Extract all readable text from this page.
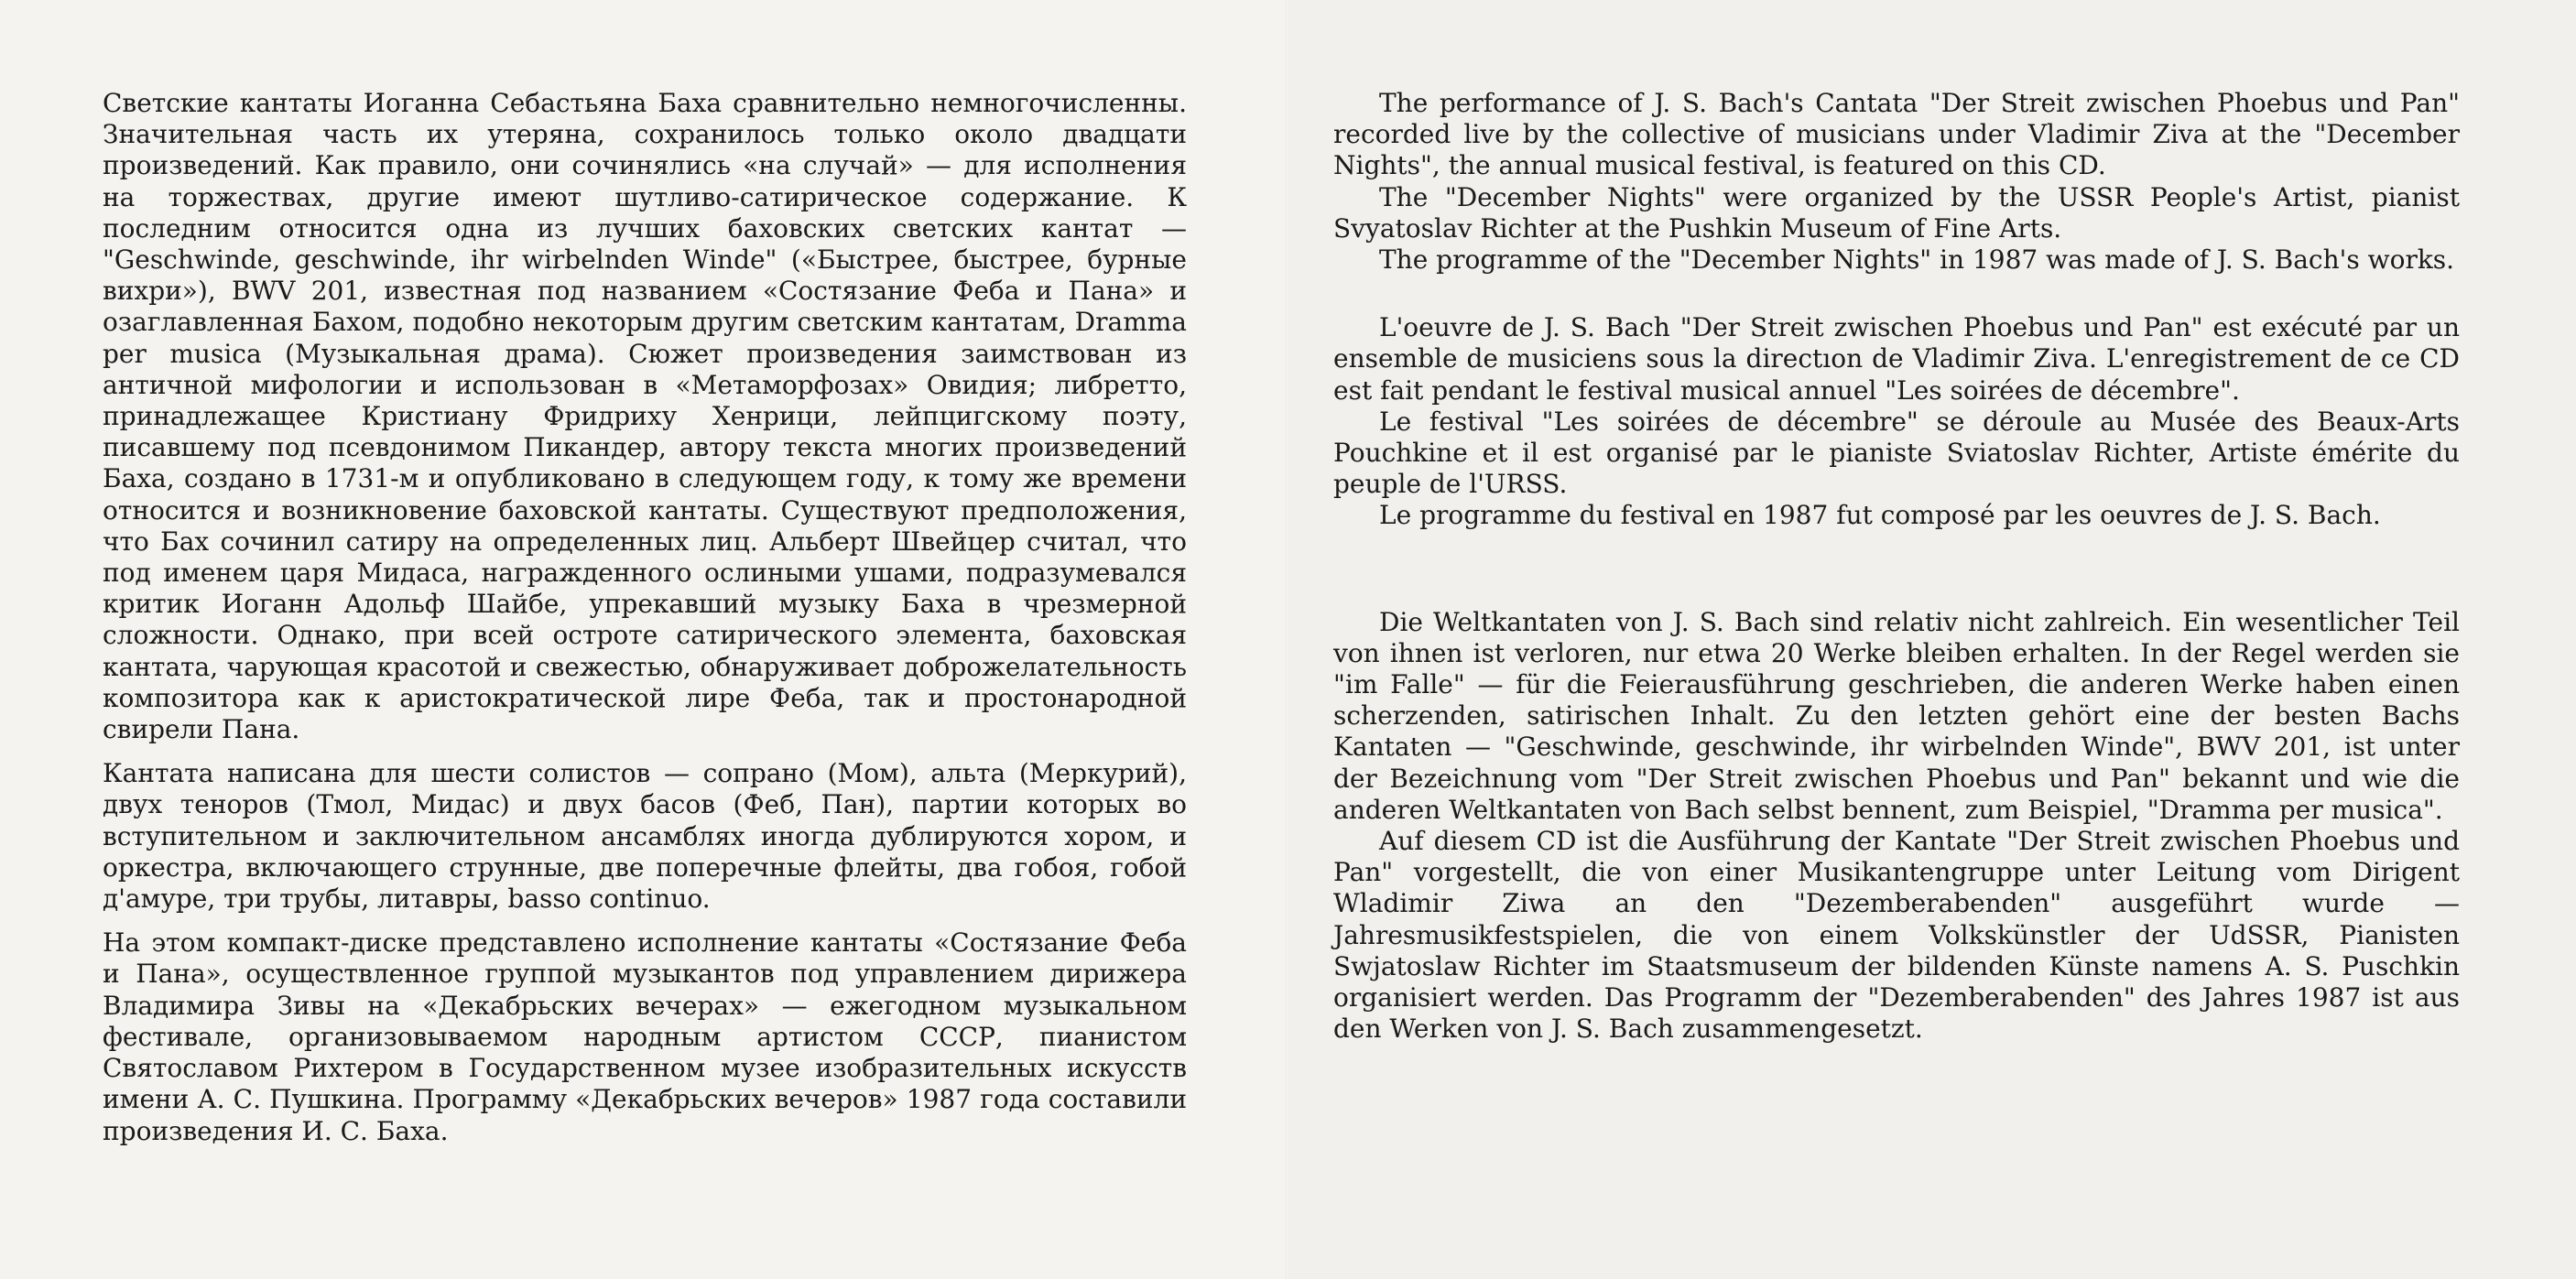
Светские кантаты Иоганна Себастьяна Баха сравнительно немногочисленны. Значительная часть их утеряна, сохранилось только около двадцати произведений. Как правило, они сочинялись «на случай» — для исполнения на торжествах, другие имеют шутливо-сатирическое содержание. К последним относится одна из лучших баховских светских кантат — "Geschwinde, geschwinde, ihr wirbelnden Winde" («Быстрее, быстрее, бурные вихри»), BWV 201, известная под названием «Состязание Феба и Пана» и озаглавленная Бахом, подобно некоторым другим светским кантатам, Dramma per musica (Музыкальная драма). Сюжет произведения заимствован из античной мифологии и использован в «Метаморфозах» Овидия; либретто, принадлежащее Кристиану Фридриху Хенрици, лейпцигскому поэту, писавшему под псевдонимом Пикандер, автору текста многих произведений Баха, создано в 1731-м и опубликовано в следующем году, к тому же времени относится и возникновение баховской кантаты. Существуют предположения, что Бах сочинил сатиру на определенных лиц. Альберт Швейцер считал, что под именем царя Мидаса, награжденного ослиными ушами, подразумевался критик Иоганн Адольф Шайбе, упрекавший музыку Баха в чрезмерной сложности. Однако, при всей остроте сатирического элемента, баховская кантата, чарующая красотой и свежестью, обнаруживает доброжелательность композитора как к аристократической лире Феба, так и простонародной свирели Пана.

Кантата написана для шести солистов — сопрано (Мом), альта (Меркурий), двух теноров (Тмол, Мидас) и двух басов (Феб, Пан), партии которых во вступительном и заключительном ансамблях иногда дублируются хором, и оркестра, включающего струнные, две поперечные флейты, два гобоя, гобой д'амуре, три трубы, литавры, basso continuo.

На этом компакт-диске представлено исполнение кантаты «Состязание Феба и Пана», осуществленное группой музыкантов под управлением дирижера Владимира Зивы на «Декабрьских вечерах» — ежегодном музыкальном фестивале, организовываемом народным артистом СССР, пианистом Святославом Рихтером в Государственном музее изобразительных искусств имени А. С. Пушкина. Программу «Декабрьских вечеров» 1987 года составили произведения И. С. Баха.

The performance of J. S. Bach's Cantata "Der Streit zwischen Phoebus und Pan" recorded live by the collective of musicians under Vladimir Ziva at the "December Nights", the annual musical festival, is featured on this CD.

The "December Nights" were organized by the USSR People's Artist, pianist Svyatoslav Richter at the Pushkin Museum of Fine Arts.

The programme of the "December Nights" in 1987 was made of J. S. Bach's works.

L'oeuvre de J. S. Bach "Der Streit zwischen Phoebus und Pan" est exécuté par un ensemble de musiciens sous la directıon de Vladimir Ziva. L'enregistrement de ce CD est fait pendant le festival musical annuel "Les soirées de décembre".

Le festival "Les soirées de décembre" se déroule au Musée des Beaux-Arts Pouchkine et il est organisé par le pianiste Sviatoslav Richter, Artiste émérite du peuple de l'URSS.

Le programme du festival en 1987 fut composé par les oeuvres de J. S. Bach.

Die Weltkantaten von J. S. Bach sind relativ nicht zahlreich. Ein wesentlicher Teil von ihnen ist verloren, nur etwa 20 Werke bleiben erhalten. In der Regel werden sie "im Falle" — für die Feierausführung geschrieben, die anderen Werke haben einen scherzenden, satirischen Inhalt. Zu den letzten gehört eine der besten Bachs Kantaten — "Geschwinde, geschwinde, ihr wirbelnden Winde", BWV 201, ist unter der Bezeichnung vom "Der Streit zwischen Phoebus und Pan" bekannt und wie die anderen Weltkantaten von Bach selbst bennent, zum Beispiel, "Dramma per musica".

Auf diesem CD ist die Ausführung der Kantate "Der Streit zwischen Phoebus und Pan" vorgestellt, die von einer Musikantengruppe unter Leitung vom Dirigent Wladimir Ziwa an den "Dezemberabenden" ausgeführt wurde — Jahresmusikfestspielen, die von einem Volkskünstler der UdSSR, Pianisten Swjatoslaw Richter im Staatsmuseum der bildenden Künste namens A. S. Puschkin organisiert werden. Das Programm der "Dezemberabenden" des Jahres 1987 ist aus den Werken von J. S. Bach zusammengesetzt.
